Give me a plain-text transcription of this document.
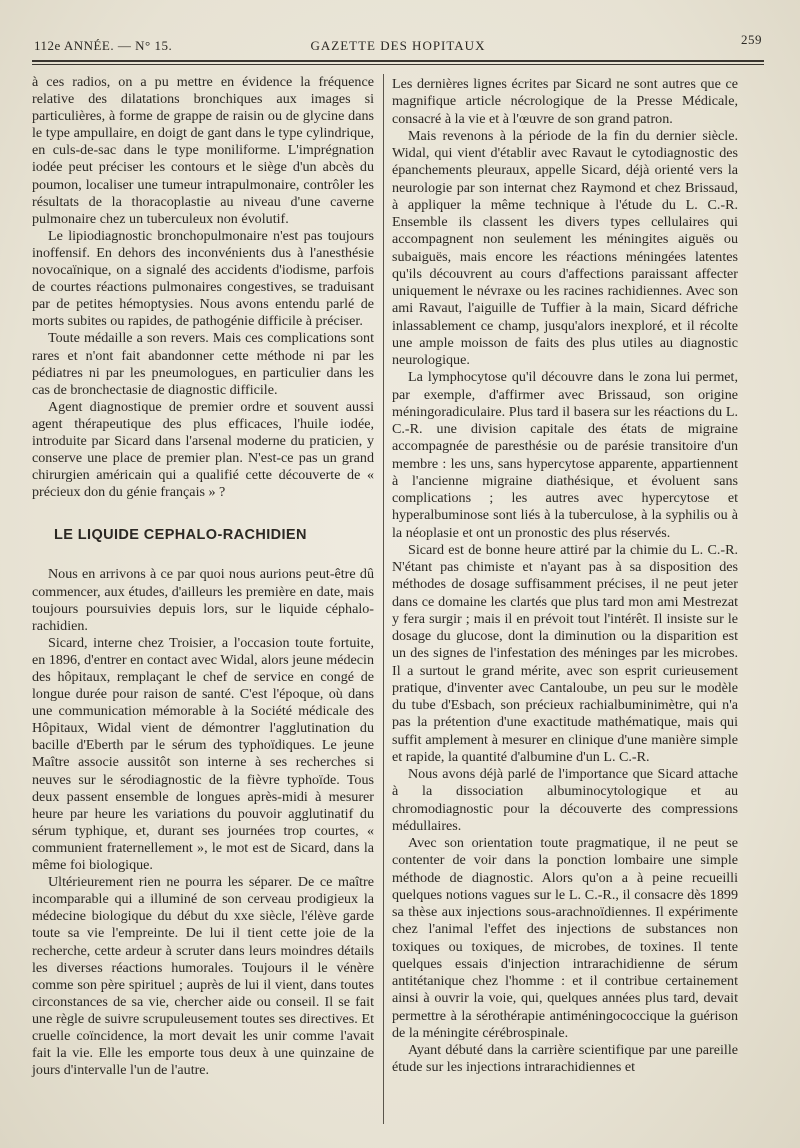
112e ANNÉE. — N° 15.	GAZETTE DES HOPITAUX	259

à ces radios, on a pu mettre en évidence la fréquence relative des dilatations bronchiques aux images si particulières, à forme de grappe de raisin ou de glycine dans le type ampullaire, en doigt de gant dans le type cylindrique, en culs-de-sac dans le type moniliforme. L'imprégnation iodée peut préciser les contours et le siège d'un abcès du poumon, localiser une tumeur intrapulmonaire, contrôler les résultats de la thoracoplastie au niveau d'une caverne pulmonaire chez un tuberculeux non évolutif.

Le lipiodiagnostic bronchopulmonaire n'est pas toujours inoffensif. En dehors des inconvénients dus à l'anesthésie novocaïnique, on a signalé des accidents d'iodisme, parfois de courtes réactions pulmonaires congestives, se traduisant par de petites hémoptysies. Nous avons entendu parlé de morts subites ou rapides, de pathogénie difficile à préciser.

Toute médaille a son revers. Mais ces complications sont rares et n'ont fait abandonner cette méthode ni par les pédiatres ni par les pneumologues, en particulier dans les cas de bronchectasie de diagnostic difficile.

Agent diagnostique de premier ordre et souvent aussi agent thérapeutique des plus efficaces, l'huile iodée, introduite par Sicard dans l'arsenal moderne du praticien, y conserve une place de premier plan. N'est-ce pas un grand chirurgien américain qui a qualifié cette découverte de « précieux don du génie français » ?

LE LIQUIDE CEPHALO-RACHIDIEN

Nous en arrivons à ce par quoi nous aurions peut-être dû commencer, aux études, d'ailleurs les première en date, mais toujours poursuivies depuis lors, sur le liquide céphalo-rachidien.

Sicard, interne chez Troisier, a l'occasion toute fortuite, en 1896, d'entrer en contact avec Widal, alors jeune médecin des hôpitaux, remplaçant le chef de service en congé de longue durée pour raison de santé. C'est l'époque, où dans une communication mémorable à la Société médicale des Hôpitaux, Widal vient de démontrer l'agglutination du bacille d'Eberth par le sérum des typhoïdiques. Le jeune Maître associe aussitôt son interne à ses recherches si neuves sur le sérodiagnostic de la fièvre typhoïde. Tous deux passent ensemble de longues après-midi à mesurer heure par heure les variations du pouvoir agglutinatif du sérum typhique, et, durant ses journées trop courtes, « communient fraternellement », le mot est de Sicard, dans la même foi biologique.

Ultérieurement rien ne pourra les séparer. De ce maître incomparable qui a illuminé de son cerveau prodigieux la médecine biologique du début du xxe siècle, l'élève garde toute sa vie l'empreinte. De lui il tient cette joie de la recherche, cette ardeur à scruter dans leurs moindres détails les diverses réactions humorales. Toujours il le vénère comme son père spirituel ; auprès de lui il vient, dans toutes circonstances de sa vie, chercher aide ou conseil. Il se fait une règle de suivre scrupuleusement toutes ses directives. Et cruelle coïncidence, la mort devait les unir comme l'avait fait la vie. Elle les emporte tous deux à une quinzaine de jours d'intervalle l'un de l'autre.

Les dernières lignes écrites par Sicard ne sont autres que ce magnifique article nécrologique de la Presse Médicale, consacré à la vie et à l'œuvre de son grand patron.

Mais revenons à la période de la fin du dernier siècle. Widal, qui vient d'établir avec Ravaut le cytodiagnostic des épanchements pleuraux, appelle Sicard, déjà orienté vers la neurologie par son internat chez Raymond et chez Brissaud, à appliquer la même technique à l'étude du L. C.-R. Ensemble ils classent les divers types cellulaires qui accompagnent non seulement les méningites aiguës ou subaiguës, mais encore les réactions méningées latentes qu'ils découvrent au cours d'affections paraissant affecter uniquement le névraxe ou les racines rachidiennes. Avec son ami Ravaut, l'aiguille de Tuffier à la main, Sicard défriche inlassablement ce champ, jusqu'alors inexploré, et il récolte une ample moisson de faits des plus utiles au diagnostic neurologique.

La lymphocytose qu'il découvre dans le zona lui permet, par exemple, d'affirmer avec Brissaud, son origine méningoradiculaire. Plus tard il basera sur les réactions du L. C.-R. une division capitale des états de migraine accompagnée de paresthésie ou de parésie transitoire d'un membre : les uns, sans hypercytose apparente, appartiennent à l'ancienne migraine diathésique, et évoluent sans complications ; les autres avec hypercytose et hyperalbuminose sont liés à la tuberculose, à la syphilis ou à la néoplasie et ont un pronostic des plus réservés.

Sicard est de bonne heure attiré par la chimie du L. C.-R. N'étant pas chimiste et n'ayant pas à sa disposition des méthodes de dosage suffisamment précises, il ne peut jeter dans ce domaine les clartés que plus tard mon ami Mestrezat y fera surgir ; mais il en prévoit tout l'intérêt. Il insiste sur le dosage du glucose, dont la diminution ou la disparition est un des signes de l'infestation des méninges par les microbes. Il a surtout le grand mérite, avec son esprit curieusement pratique, d'inventer avec Cantaloube, un peu sur le modèle du tube d'Esbach, son précieux rachialbuminimètre, qui n'a pas la prétention d'une exactitude mathématique, mais qui suffit amplement à mesurer en clinique d'une manière simple et rapide, la quantité d'albumine d'un L. C.-R.

Nous avons déjà parlé de l'importance que Sicard attache à la dissociation albuminocytologique et au chromodiagnostic pour la découverte des compressions médullaires.

Avec son orientation toute pragmatique, il ne peut se contenter de voir dans la ponction lombaire une simple méthode de diagnostic. Alors qu'on a à peine recueilli quelques notions vagues sur le L. C.-R., il consacre dès 1899 sa thèse aux injections sous-arachnoïdiennes. Il expérimente chez l'animal l'effet des injections de substances non toxiques ou toxiques, de microbes, de toxines. Il tente quelques essais d'injection intrarachidienne de sérum antitétanique chez l'homme : et il contribue certainement ainsi à ouvrir la voie, qui, quelques années plus tard, devait permettre à la sérothérapie antiméningococcique la guérison de la méningite cérébrospinale.

Ayant débuté dans la carrière scientifique par une pareille étude sur les injections intrarachidiennes et
